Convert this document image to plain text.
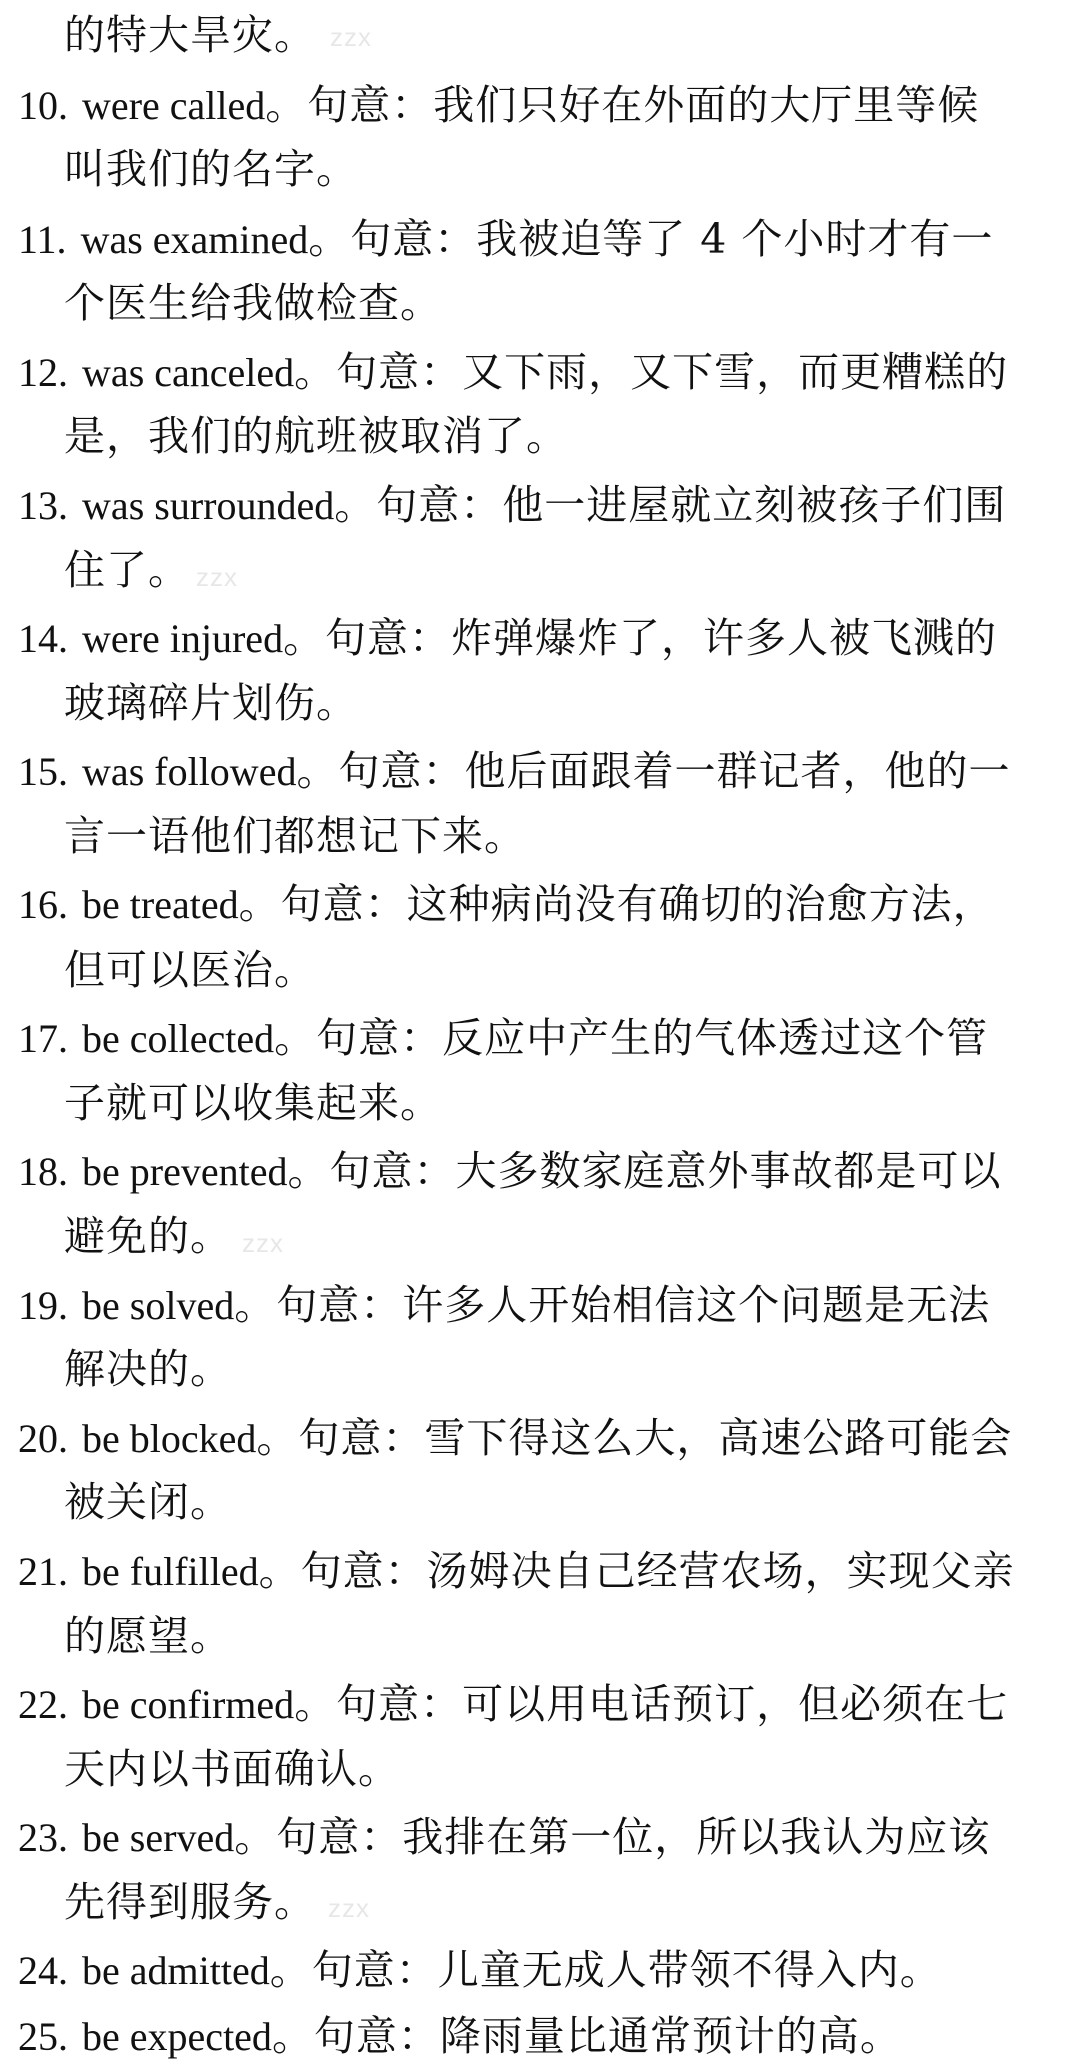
的特大旱灾。
10. were called。句意：我们只好在外面的大厅里等候
叫我们的名字。
11. was examined。句意：我被迫等了 4 个小时才有一
个医生给我做检查。
12. was canceled。句意：又下雨，又下雪，而更糟糕的
是，我们的航班被取消了。
13. was surrounded。句意：他一进屋就立刻被孩子们围
住了。
14. were injured。句意：炸弹爆炸了，许多人被飞溅的
玻璃碎片划伤。
15. was followed。句意：他后面跟着一群记者，他的一
言一语他们都想记下来。
16. be treated。句意：这种病尚没有确切的治愈方法，
但可以医治。
17. be collected。句意：反应中产生的气体透过这个管
子就可以收集起来。
18. be prevented。句意：大多数家庭意外事故都是可以
避免的。
19. be solved。句意：许多人开始相信这个问题是无法
解决的。
20. be blocked。句意：雪下得这么大，高速公路可能会
被关闭。
21. be fulfilled。句意：汤姆决自己经营农场，实现父亲
的愿望。
22. be confirmed。句意：可以用电话预订，但必须在七
天内以书面确认。
23. be served。句意：我排在第一位，所以我认为应该
先得到服务。
24. be admitted。句意：儿童无成人带领不得入内。
25. be expected。句意：降雨量比通常预计的高。
zzx
zzx
zzx
zzx
